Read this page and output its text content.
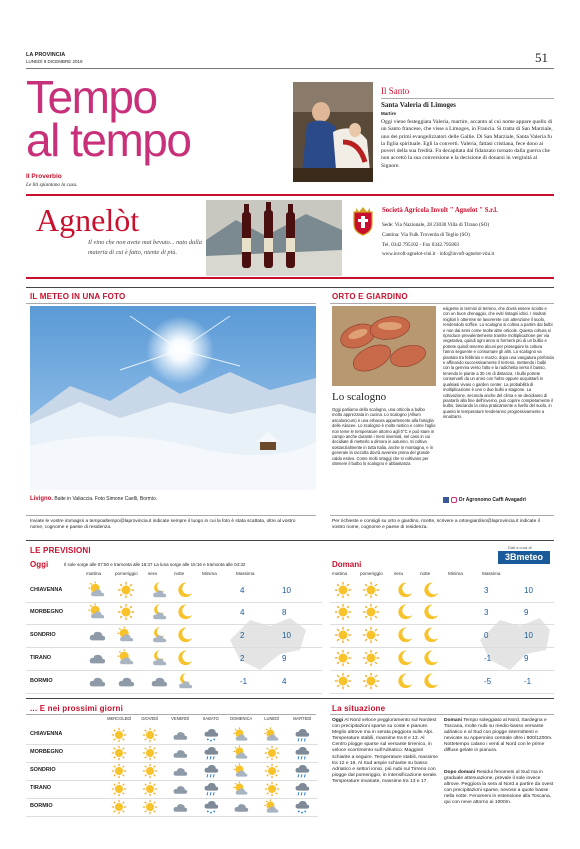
LA PROVINCIA
LUNEDÌ 9 DICEMBRE 2019	51
Tempo
al tempo
Il Proverbio
Le liti spiantano la casa.
Il Santo
Santa Valeria di Limoges
Martire
Oggi viene festeggiata Valeria, martire, accanto al cui nome appare quello di un Santo francese, che visse a Limoges, in Francia. Si tratta di San Marziale, uno dei primi evangelizzatori delle Gallie. Di San Marziale, Santa Valeria fu la figlia spirituale. Egli la convertì. Valeria, fattasi cristiana, fece dono ai poveri della sua fredità. Fu decapitata dal fidanzato tornato dalla guerra che non accettò la sua conversione e la decisione di donarsi in verginità al Signore.
Agnelòt
Il vino che non avete mai bevuto... nato dalla materia di cui è fatto, niente di più.
Società Agricola Involt " Agnelot " S.r.l.
Sede: Via Nazionale, 28 23030 Villa di Tirano (SO)
Cantina: Via Fulk Troverda di Teglio (SO)
Tel. 0342.795102 - Fax 0342.795803
www.invoft-agnelot-vini.it · info@invoft-agnelot-vini.it
IL METEO IN UNA FOTO
Livigno. Baite in Valiaccia. Foto Simone Caelli, Bormio.
Inviate le vostre immagini a tempoaltempo@laprovincia.it indicate sempre il luogo in cui la foto è stata scattata, oltre al vostro nome, cognome e paese di residenza.
ORTO E GIARDINO
Lo scalogno
Oggi parliamo dello scalogno, una orticola a bulbo molto apprezzata in cucina. Lo scalogno (Allium ascalonicum) è una erbacea appartenente alla famiglia delle Aliacee. Lo scalogno è molto rustico e come l'aglio non teme le temperature attorno agli 0°C e può stare in campo anche durante i mesi invernali, nel caso in cui decidiate di metterlo a dimora in autunno. Si coltiva sostanzialmente in tutta Italia, anche in montagna, e in generale la raccolta dovrà avvenire prima del grande caldo estivo. Come molti ortaggi che si coltivano per ottenere il bulbo lo scalogno è abbastanza
esigente in termini di terreno, che dovrà essere sciolto e con un buon drenaggio, che eviti ristagni idrici. I risultati migliori li otterrete se lavorerete con attenzione il suolo, rendendolo soffice. Lo scalogno si coltiva a partire dai bulbi e non dai semi come molte altre orticole. Questa coltura si riproduce prevalentemente tramite moltiplicazione per via vegetativa, quindi ogni anno si formerà più di un bulbo e potrete quindi tenerne alcuni per proseguire la coltura l'anno seguente e consumare gli altri. Lo scalogno va piantato tra febbraio e marzo, dopo una vangatura profonda e affinando successivamente il terreno, mettendo i bulbi con la gemma verso l'alto e la radichetta verso il basso, tenendo le piante a 30 cm di distanza. I bulbi potrete conservarli da un anno con l'altro oppure acquistarli in qualsiasi vivaio o garden center. La probabilità di moltiplicazione è uno o due bulbi a stagione. La coltivazione, seconda anche del clima e se decidiamo di piantarlo alla fine dell'inverno, può coprire completamente il bulbo, lasciando la cima praticamente a livello del suolo, in quanto le temperature tenderanno progressivamente a innalzarsi.
Dr Agronomo Caffi Avagadri
Per richieste e consigli su orto e giardino, ricette, scrivere a ortoegiardino@laprovincia.it indicate il vostro nome, cognome e paese di residenza.
LE PREVISIONI	Dati a cura di
3Bmeteo
Oggi	Il sole sorge alle 07:50 e tramonta alle 16:37 La luna sorge alle 15:16 e tramonta alle 04:32	Domani
mattina	pomeriggio sera	notte	Minima	Massima	mattina	pomeriggio sera	notte	Minima	Massima
CHIAVENNA	4	10	3	10
MORBEGNO	4	8	3	9
SONDRIO	2	10	0	10
TIRANO	2	9	-1	9
BORMIO	-1	4	-5	-1
... E nei prossimi giorni
MERCOLEDÌ	GIOVEDÌ	VENERDÌ	SABATO	DOMENICA	LUNEDÌ	MARTEDÌ
CHIAVENNA
MORBEGNO
SONDRIO
TIRANO
BORMIO
La situazione
Oggi Al Nord veloce peggioramento sul Nordest con precipitazioni sparse su coste e pianure. Meglio altrove ma in serata peggiora sulle Alpi. Temperature stabili, massime tra 8 e 13. Al Centro piogge sparse sul versante tirrenico, in veloce scorrimento sull'Adriatico. Maggiori schiarite a seguire. Temperature stabili, massime tra 12 e 16. Al Sud ampie schiarite su basso Adriatico e settori ionici, più nubi sul Tirreno con piogge dal pomeriggio, in intensificazione serale. Temperature invariate, massime tra 13 e 17.
Domani Tempo soleggiato al Nord, Sardegna e Toscana, molte nubi su medio-basso versante adriatico e al Sud con piogge intermittenti e nevicate su Appennino centrale oltre i 900/1200m. Nottetempo calano i venti al Nord con le prime diffuse gelate in pianura.
Dopo domani Residui fenomeni al Sud ma in graduale attenuazione, prevale il sole invece altrove. Peggiora la sera al Nord a partire da ovest con precipitazioni sparse, nevose a quote basse nella notte. Fenomeni in estensione alla Toscana, qui con neve attorno ai 1000m.
